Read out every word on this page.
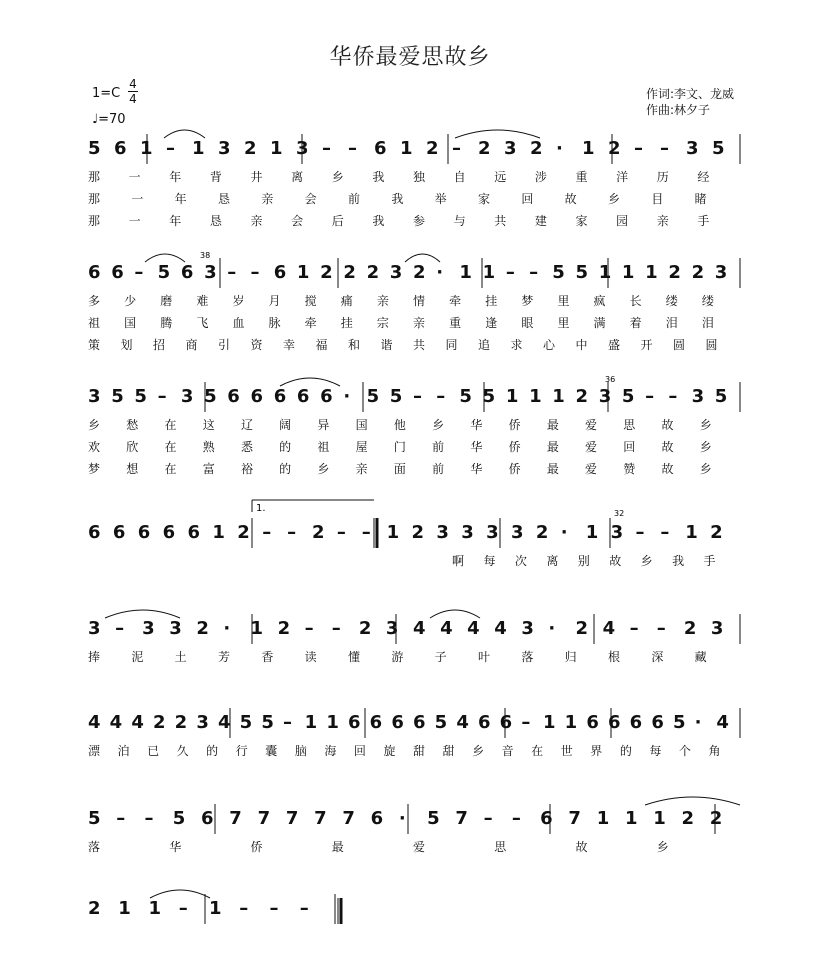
华侨最爱思故乡
1=C
4
4
♩=70
作词:李文、龙威
作曲:林夕子
5 6 1 – 1 3 2 1 3 – – 6 1 2 – 2 3 2 · 1 2 – – 3 5
那 一 年 背 井 离 乡 我 独 自 远 涉 重 洋 历 经
那	一	年	恳	亲	会	前	我	举	家	回	故	乡	目	睹
那 一 年 恳 亲 会 后 我 参 与 共 建 家 园 亲 手
6 6 – 5 6 3 – – 6 1 2 2 2 3 2 · 1 1 – – 5 5 1 1 1 2 2 3
多 少 磨 难 岁 月 搅 痛 亲 情 牵 挂 梦 里 疯 长 缕 缕
祖 国 腾 飞 血 脉 牵 挂 宗 亲 重 逢 眼 里 满 着 泪 泪
策 划 招 商 引 资 幸 福 和 谐 共 同 追 求 心 中 盛 开 圆 圆
3 5 5 – 3 5 6 6 6 6 6 · 5 5 – – 5 5 1 1 1 2 3 5 – – 3 5
乡 愁 在 这 辽 阔 异 国 他 乡 华 侨 最 爱 思 故 乡
欢 欣 在 熟 悉 的 祖 屋 门 前 华 侨 最 爱 回 故 乡
梦 想 在 富 裕 的 乡 亲 面 前 华 侨 最 爱 赞 故 乡
6 6 6 6 6 1 2 – – 2 – – 1 2 3 3 3 3 2 · 1 3 – – 1 2
啊 每 次 离 别 故 乡 我 手
3 – 3 3 2 · 1 2 – – 2 3 4 4 4 4 3 · 2 4 – – 2 3
捧	泥	土	芳	香	读	懂	游	子	叶	落	归	根	深	藏
4 4 4 2 2 3 4 5 5 – 1 1 6 6 6 6 5 4 6 6 – 1 1 6 6 6 6 5 · 4
漂 泊 已 久 的 行 囊 脑 海 回 旋 甜 甜 乡 音 在 世 界 的 每 个 角
5 – – 5 6 7 7 7 7 7 6 · 5 7 – – 6 7 1 1 1 2 2
落	华	侨	最	爱	思	故	乡
2 1 1 – 1 – – –
1.
38
36
32
